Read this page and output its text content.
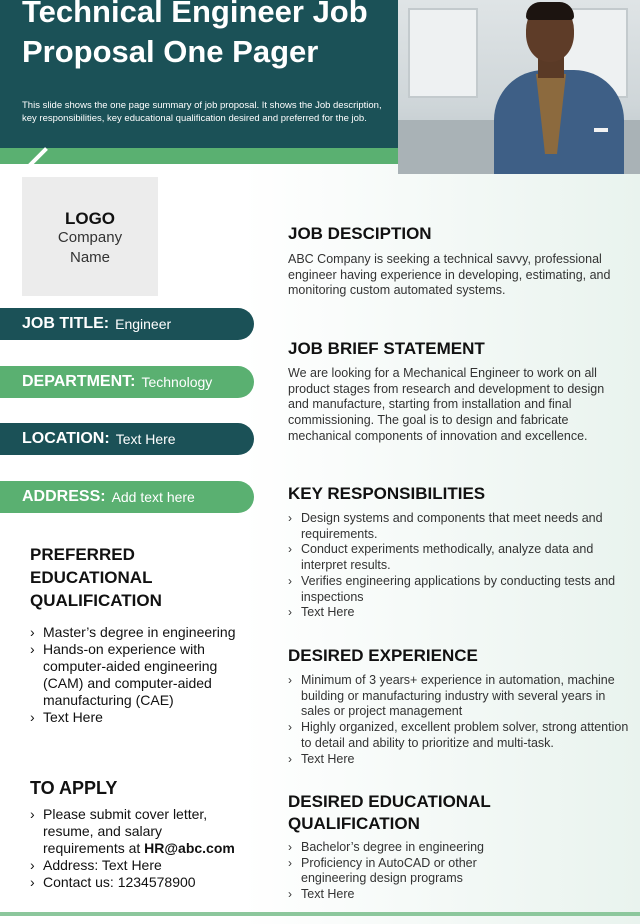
Technical Engineer Job Proposal One Pager
This slide shows the one page summary of job proposal. It shows the Job description, key responsibilities, key educational qualification desired and preferred for the job.
LOGO
Company Name
JOB TITLE: Engineer
DEPARTMENT: Technology
LOCATION: Text Here
ADDRESS: Add text here
PREFERRED EDUCATIONAL QUALIFICATION
› Master’s degree in engineering
› Hands-on experience with computer-aided engineering (CAM) and computer-aided manufacturing (CAE)
› Text Here
TO APPLY
› Please submit cover letter, resume, and salary requirements at HR@abc.com
› Address: Text Here
› Contact us: 1234578900
JOB DESCIPTION
ABC Company is seeking a technical savvy, professional engineer having experience in developing, estimating, and monitoring custom automated systems.
JOB BRIEF STATEMENT
We are looking for a Mechanical Engineer to work on all product stages from research and development to design and manufacture, starting from installation and final commissioning. The goal is to design and fabricate mechanical components of innovation and excellence.
KEY RESPONSIBILITIES
› Design systems and components that meet needs and requirements.
› Conduct experiments methodically, analyze data and interpret results.
› Verifies engineering applications by conducting tests and inspections
› Text Here
DESIRED EXPERIENCE
› Minimum of 3 years+ experience in automation, machine building or manufacturing industry with several years in sales or project management
› Highly organized, excellent problem solver, strong attention to detail and ability to prioritize and multi-task.
› Text Here
DESIRED EDUCATIONAL QUALIFICATION
› Bachelor’s degree in engineering
› Proficiency in AutoCAD or other engineering design programs
› Text Here
